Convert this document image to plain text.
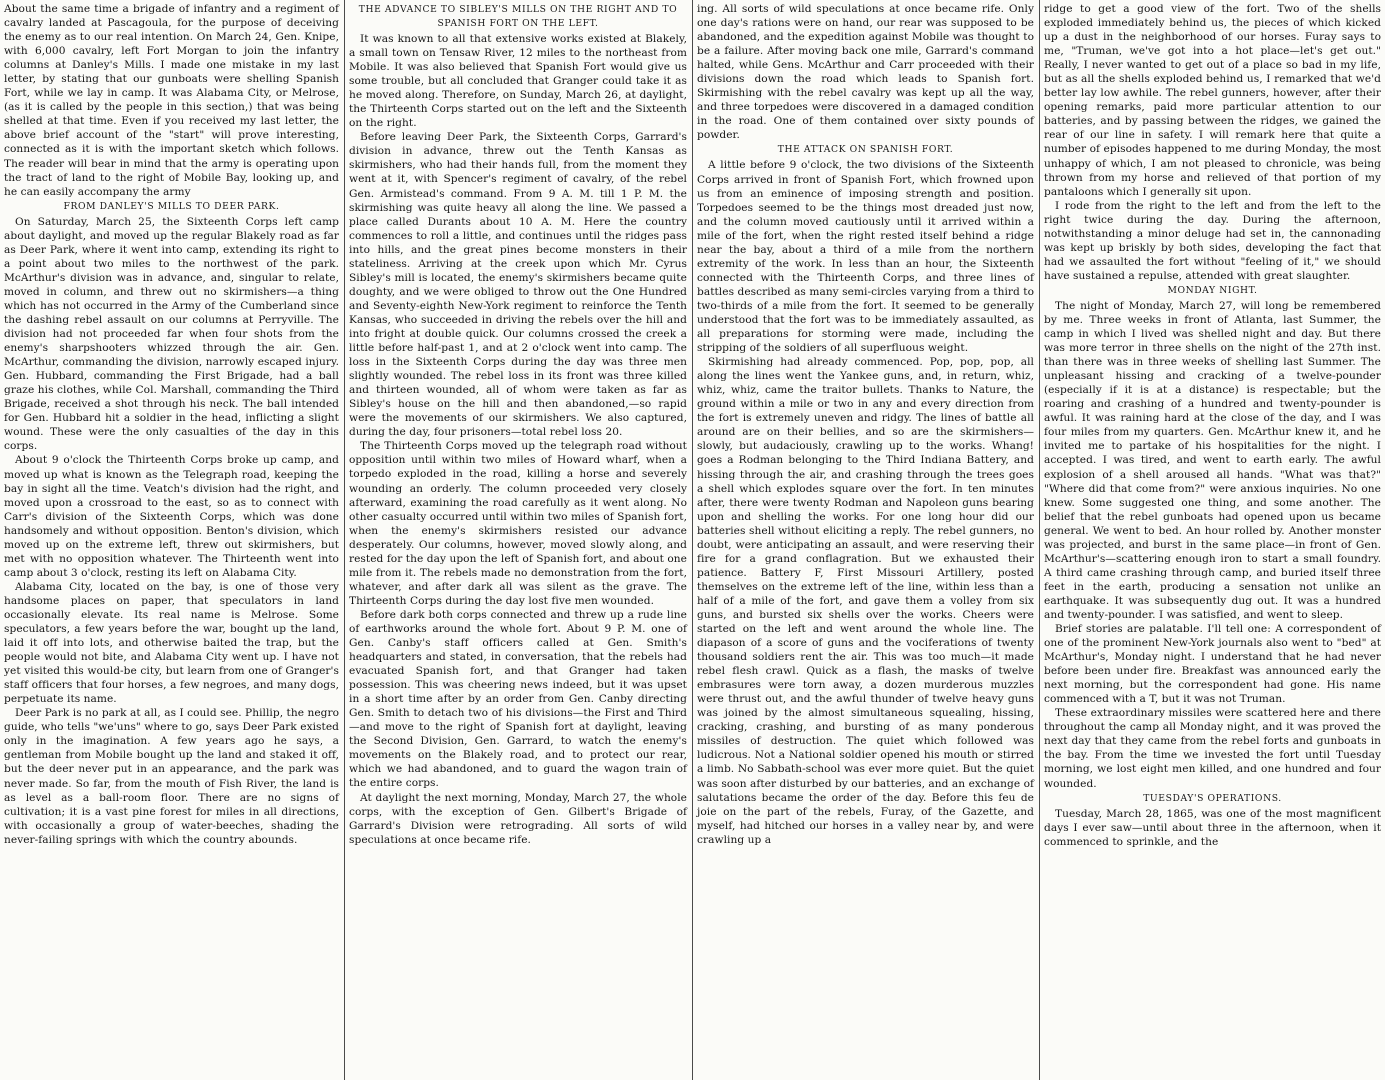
About the same time a brigade of infantry and a regiment of cavalry landed at Pascagoula, for the purpose of deceiving the enemy as to our real intention. On March 24, Gen. Knipe, with 6,000 cavalry, left Fort Morgan to join the infantry columns at Danley's Mills. I made one mistake in my last letter, by stating that our gunboats were shelling Spanish Fort, while we lay in camp. It was Alabama City, or Melrose, (as it is called by the people in this section,) that was being shelled at that time. Even if you received my last letter, the above brief account of the "start" will prove interesting, connected as it is with the important sketch which follows. The reader will bear in mind that the army is operating upon the tract of land to the right of Mobile Bay, looking up, and he can easily accompany the army

FROM DANLEY'S MILLS TO DEER PARK.

On Saturday, March 25, the Sixteenth Corps left camp about daylight, and moved up the regular Blakely road as far as Deer Park, where it went into camp, extending its right to a point about two miles to the northwest of the park. McArthur's division was in advance, and, singular to relate, moved in column, and threw out no skirmishers—a thing which has not occurred in the Army of the Cumberland since the dashing rebel assault on our columns at Perryville. The division had not proceeded far when four shots from the enemy's sharpshooters whizzed through the air. Gen. McArthur, commanding the division, narrowly escaped injury. Gen. Hubbard, commanding the First Brigade, had a ball graze his clothes, while Col. Marshall, commanding the Third Brigade, received a shot through his neck. The ball intended for Gen. Hubbard hit a soldier in the head, inflicting a slight wound. These were the only casualties of the day in this corps.

About 9 o'clock the Thirteenth Corps broke up camp, and moved up what is known as the Telegraph road, keeping the bay in sight all the time. Veatch's division had the right, and moved upon a crossroad to the east, so as to connect with Carr's division of the Sixteenth Corps, which was done handsomely and without opposition. Benton's division, which moved up on the extreme left, threw out skirmishers, but met with no opposition whatever. The Thirteenth went into camp about 3 o'clock, resting its left on Alabama City.

Alabama City, located on the bay, is one of those very handsome places on paper, that speculators in land occasionally elevate. Its real name is Melrose. Some speculators, a few years before the war, bought up the land, laid it off into lots, and otherwise baited the trap, but the people would not bite, and Alabama City went up. I have not yet visited this would-be city, but learn from one of Granger's staff officers that four horses, a few negroes, and many dogs, perpetuate its name.

Deer Park is no park at all, as I could see. Phillip, the negro guide, who tells "we'uns" where to go, says Deer Park existed only in the imagination. A few years ago he says, a gentleman from Mobile bought up the land and staked it off, but the deer never put in an appearance, and the park was never made. So far, from the mouth of Fish River, the land is as level as a ball-room floor. There are no signs of cultivation; it is a vast pine forest for miles in all directions, with occasionally a group of water-beeches, shading the never-failing springs with which the country abounds.

THE ADVANCE TO SIBLEY'S MILLS ON THE RIGHT AND TO SPANISH FORT ON THE LEFT.

It was known to all that extensive works existed at Blakely, a small town on Tensaw River, 12 miles to the northeast from Mobile. It was also believed that Spanish Fort would give us some trouble, but all concluded that Granger could take it as he moved along. Therefore, on Sunday, March 26, at daylight, the Thirteenth Corps started out on the left and the Sixteenth on the right.

Before leaving Deer Park, the Sixteenth Corps, Garrard's division in advance, threw out the Tenth Kansas as skirmishers, who had their hands full, from the moment they went at it, with Spencer's regiment of cavalry, of the rebel Gen. Armistead's command. From 9 A. M. till 1 P. M. the skirmishing was quite heavy all along the line. We passed a place called Durants about 10 A. M. Here the country commences to roll a little, and continues until the ridges pass into hills, and the great pines become monsters in their stateliness. Arriving at the creek upon which Mr. Cyrus Sibley's mill is located, the enemy's skirmishers became quite doughty, and we were obliged to throw out the One Hundred and Seventy-eighth New-York regiment to reinforce the Tenth Kansas, who succeeded in driving the rebels over the hill and into fright at double quick. Our columns crossed the creek a little before half-past 1, and at 2 o'clock went into camp. The loss in the Sixteenth Corps during the day was three men slightly wounded. The rebel loss in its front was three killed and thirteen wounded, all of whom were taken as far as Sibley's house on the hill and then abandoned,—so rapid were the movements of our skirmishers. We also captured, during the day, four prisoners—total rebel loss 20.

The Thirteenth Corps moved up the telegraph road without opposition until within two miles of Howard wharf, when a torpedo exploded in the road, killing a horse and severely wounding an orderly. The column proceeded very closely afterward, examining the road carefully as it went along. No other casualty occurred until within two miles of Spanish fort, when the enemy's skirmishers resisted our advance desperately. Our columns, however, moved slowly along, and rested for the day upon the left of Spanish fort, and about one mile from it. The rebels made no demonstration from the fort, whatever, and after dark all was silent as the grave. The Thirteenth Corps during the day lost five men wounded.

Before dark both corps connected and threw up a rude line of earthworks around the whole fort. About 9 P. M. one of Gen. Canby's staff officers called at Gen. Smith's headquarters and stated, in conversation, that the rebels had evacuated Spanish fort, and that Granger had taken possession. This was cheering news indeed, but it was upset in a short time after by an order from Gen. Canby directing Gen. Smith to detach two of his divisions—the First and Third—and move to the right of Spanish fort at daylight, leaving the Second Division, Gen. Garrard, to watch the enemy's movements on the Blakely road, and to protect our rear, which we had abandoned, and to guard the wagon train of the entire corps.

At daylight the next morning, Monday, March 27, the whole corps, with the exception of Gen. Gilbert's Brigade of Garrard's Division were retrograding. All sorts of wild speculations at once became rife.

ing. All sorts of wild speculations at once became rife. Only one day's rations were on hand, our rear was supposed to be abandoned, and the expedition against Mobile was thought to be a failure. After moving back one mile, Garrard's command halted, while Gens. McArthur and Carr proceeded with their divisions down the road which leads to Spanish fort. Skirmishing with the rebel cavalry was kept up all the way, and three torpedoes were discovered in a damaged condition in the road. One of them contained over sixty pounds of powder.

THE ATTACK ON SPANISH FORT.

A little before 9 o'clock, the two divisions of the Sixteenth Corps arrived in front of Spanish Fort, which frowned upon us from an eminence of imposing strength and position. Torpedoes seemed to be the things most dreaded just now, and the column moved cautiously until it arrived within a mile of the fort, when the right rested itself behind a ridge near the bay, about a third of a mile from the northern extremity of the work. In less than an hour, the Sixteenth connected with the Thirteenth Corps, and three lines of battles described as many semi-circles varying from a third to two-thirds of a mile from the fort. It seemed to be generally understood that the fort was to be immediately assaulted, as all preparations for storming were made, including the stripping of the soldiers of all superfluous weight.

Skirmishing had already commenced. Pop, pop, pop, all along the lines went the Yankee guns, and, in return, whiz, whiz, whiz, came the traitor bullets. Thanks to Nature, the ground within a mile or two in any and every direction from the fort is extremely uneven and ridgy. The lines of battle all around are on their bellies, and so are the skirmishers—slowly, but audaciously, crawling up to the works. Whang! goes a Rodman belonging to the Third Indiana Battery, and hissing through the air, and crashing through the trees goes a shell which explodes square over the fort. In ten minutes after, there were twenty Rodman and Napoleon guns bearing upon and shelling the works. For one long hour did our batteries shell without eliciting a reply. The rebel gunners, no doubt, were anticipating an assault, and were reserving their fire for a grand conflagration. But we exhausted their patience. Battery F, First Missouri Artillery, posted themselves on the extreme left of the line, within less than a half of a mile of the fort, and gave them a volley from six guns, and bursted six shells over the works. Cheers were started on the left and went around the whole line. The diapason of a score of guns and the vociferations of twenty thousand soldiers rent the air. This was too much—it made rebel flesh crawl. Quick as a flash, the masks of twelve embrasures were torn away, a dozen murderous muzzles were thrust out, and the awful thunder of twelve heavy guns was joined by the almost simultaneous squealing, hissing, cracking, crashing, and bursting of as many ponderous missiles of destruction. The quiet which followed was ludicrous. Not a National soldier opened his mouth or stirred a limb. No Sabbath-school was ever more quiet. But the quiet was soon after disturbed by our batteries, and an exchange of salutations became the order of the day. Before this feu de joie on the part of the rebels, Furay, of the Gazette, and myself, had hitched our horses in a valley near by, and were crawling up a

ridge to get a good view of the fort. Two of the shells exploded immediately behind us, the pieces of which kicked up a dust in the neighborhood of our horses. Furay says to me, "Truman, we've got into a hot place—let's get out." Really, I never wanted to get out of a place so bad in my life, but as all the shells exploded behind us, I remarked that we'd better lay low awhile. The rebel gunners, however, after their opening remarks, paid more particular attention to our batteries, and by passing between the ridges, we gained the rear of our line in safety. I will remark here that quite a number of episodes happened to me during Monday, the most unhappy of which, I am not pleased to chronicle, was being thrown from my horse and relieved of that portion of my pantaloons which I generally sit upon.

I rode from the right to the left and from the left to the right twice during the day. During the afternoon, notwithstanding a minor deluge had set in, the cannonading was kept up briskly by both sides, developing the fact that had we assaulted the fort without "feeling of it," we should have sustained a repulse, attended with great slaughter.

MONDAY NIGHT.

The night of Monday, March 27, will long be remembered by me. Three weeks in front of Atlanta, last Summer, the camp in which I lived was shelled night and day. But there was more terror in three shells on the night of the 27th inst. than there was in three weeks of shelling last Summer. The unpleasant hissing and cracking of a twelve-pounder (especially if it is at a distance) is respectable; but the roaring and crashing of a hundred and twenty-pounder is awful. It was raining hard at the close of the day, and I was four miles from my quarters. Gen. McArthur knew it, and he invited me to partake of his hospitalities for the night. I accepted. I was tired, and went to earth early. The awful explosion of a shell aroused all hands. "What was that?" "Where did that come from?" were anxious inquiries. No one knew. Some suggested one thing, and some another. The belief that the rebel gunboats had opened upon us became general. We went to bed. An hour rolled by. Another monster was projected, and burst in the same place—in front of Gen. McArthur's—scattering enough iron to start a small foundry. A third came crashing through camp, and buried itself three feet in the earth, producing a sensation not unlike an earthquake. It was subsequently dug out. It was a hundred and twenty-pounder. I was satisfied, and went to sleep.

Brief stories are palatable. I'll tell one: A correspondent of one of the prominent New-York journals also went to "bed" at McArthur's, Monday night. I understand that he had never before been under fire. Breakfast was announced early the next morning, but the correspondent had gone. His name commenced with a T, but it was not Truman.

These extraordinary missiles were scattered here and there throughout the camp all Monday night, and it was proved the next day that they came from the rebel forts and gunboats in the bay. From the time we invested the fort until Tuesday morning, we lost eight men killed, and one hundred and four wounded.

TUESDAY'S OPERATIONS.

Tuesday, March 28, 1865, was one of the most magnificent days I ever saw—until about three in the afternoon, when it commenced to sprinkle, and the
